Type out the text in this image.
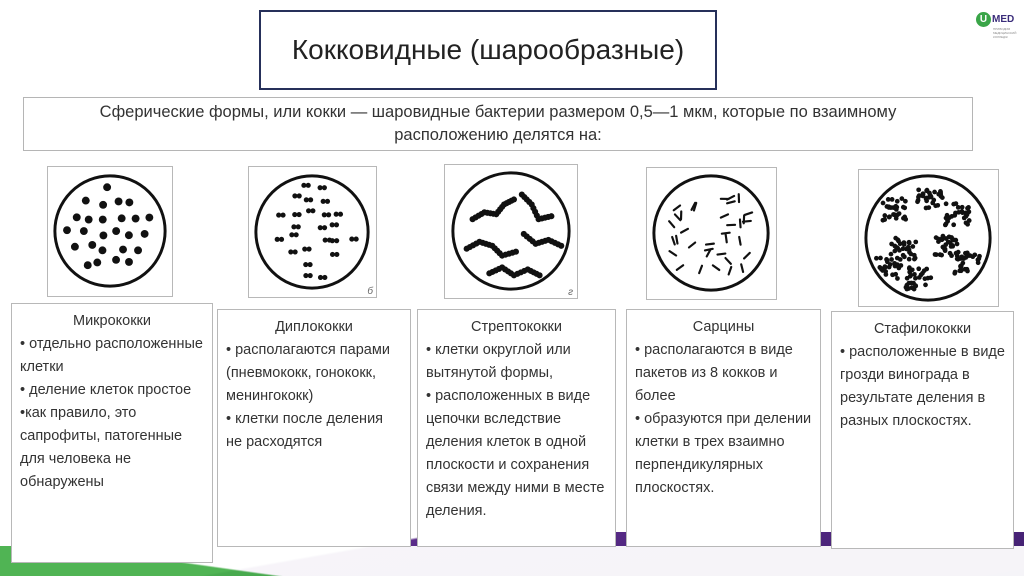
Кокковидные (шарообразные)
U MED
ПРИВОДИМ МЕДИЦИНСКИЙ КОЛЛЕДЖ
Сферические формы, или кокки — шаровидные бактерии размером 0,5—1 мкм, которые по взаимному расположению делятся на:
б	г
Микрококки
• отдельно расположенные клетки
• деление клеток простое
•как правило, это сапрофиты, патогенные для человека не обнаружены
Диплококки
• располагаются парами (пневмококк, гонококк, менингококк)
• клетки после деления не расходятся
Стрептококки
• клетки округлой или вытянутой формы,
• расположенных в виде цепочки вследствие деления клеток в одной плоскости и сохранения связи между ними в месте деления.
Сарцины
• располагаются в виде пакетов из 8 кокков и более
• образуются при делении клетки в трех взаимно перпендикулярных плоскостях.
Стафилококки
• расположенные в виде грозди винограда в результате деления в разных плоскостях.
